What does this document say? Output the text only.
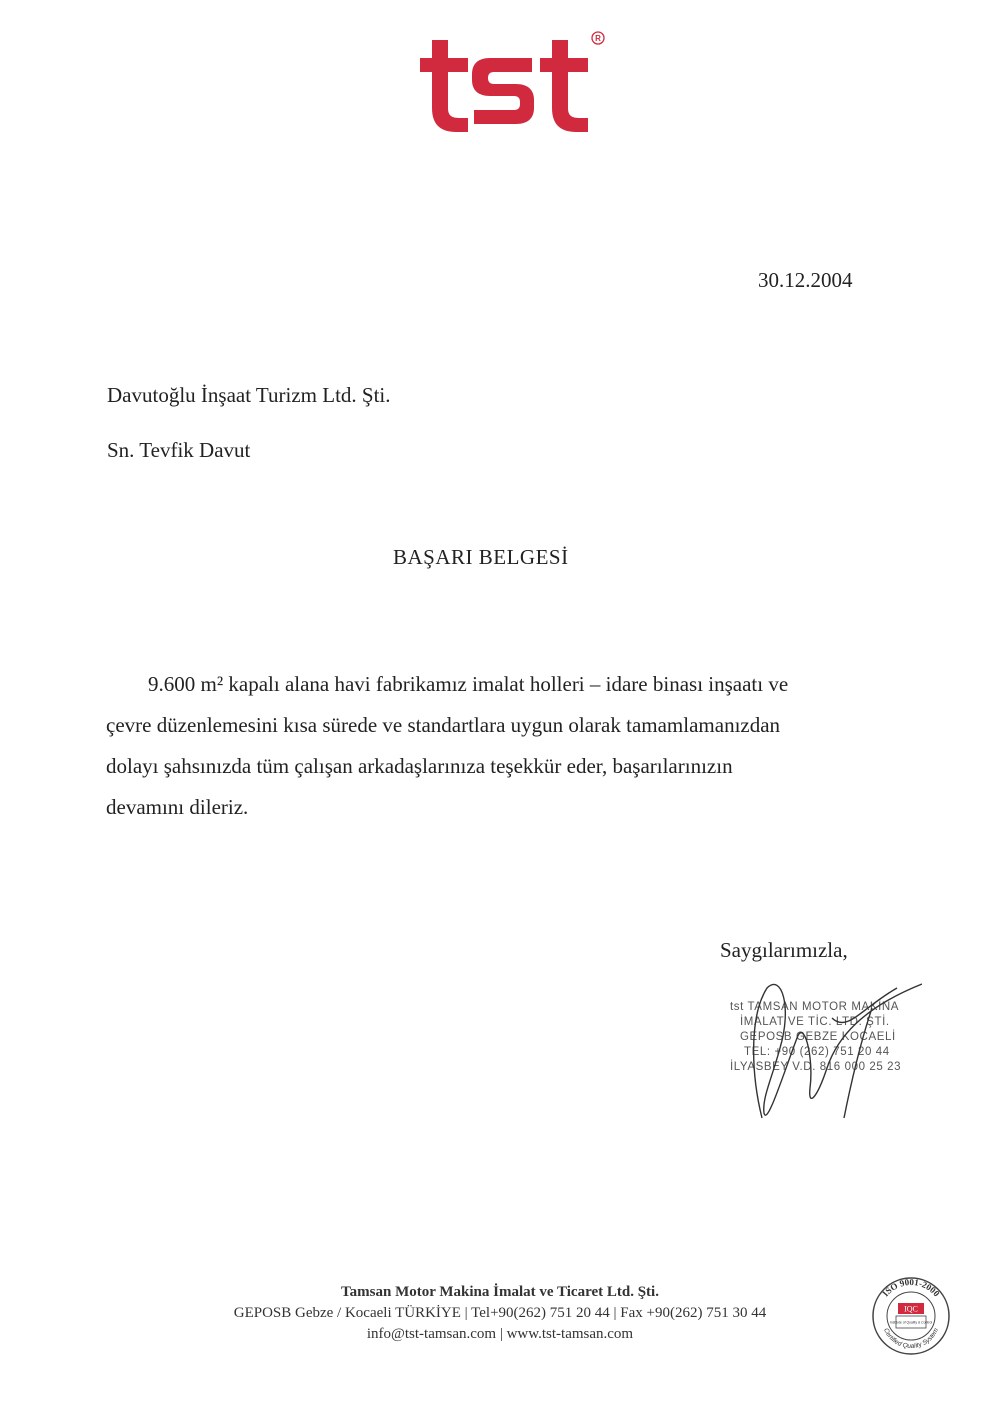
R
30.12.2004
Davutoğlu İnşaat Turizm Ltd. Şti.
Sn. Tevfik Davut
BAŞARI BELGESİ

9.600 m² kapalı alana havi fabrikamız imalat holleri – idare binası inşaatı ve

çevre düzenlemesini kısa sürede ve standartlara uygun olarak tamamlamanızdan

dolayı şahsınızda tüm çalışan arkadaşlarınıza teşekkür eder, başarılarınızın

devamını dileriz.

Saygılarımızla,
tst TAMSAN MOTOR MAKİNA
İMALAT VE TİC. LTD. ŞTİ.
GEPOSB GEBZE KOCAELİ
TEL: +90 (262) 751 20 44
İLYASBEY V.D. 816 000 25 23
Tamsan Motor Makina İmalat ve Ticaret Ltd. Şti.
GEPOSB Gebze / Kocaeli TÜRKİYE | Tel+90(262) 751 20 44 | Fax +90(262) 751 30 44
info@tst-tamsan.com | www.tst-tamsan.com
ISO 9001-2000
Certified Quality System
IQC
Institute of Quality & Control
